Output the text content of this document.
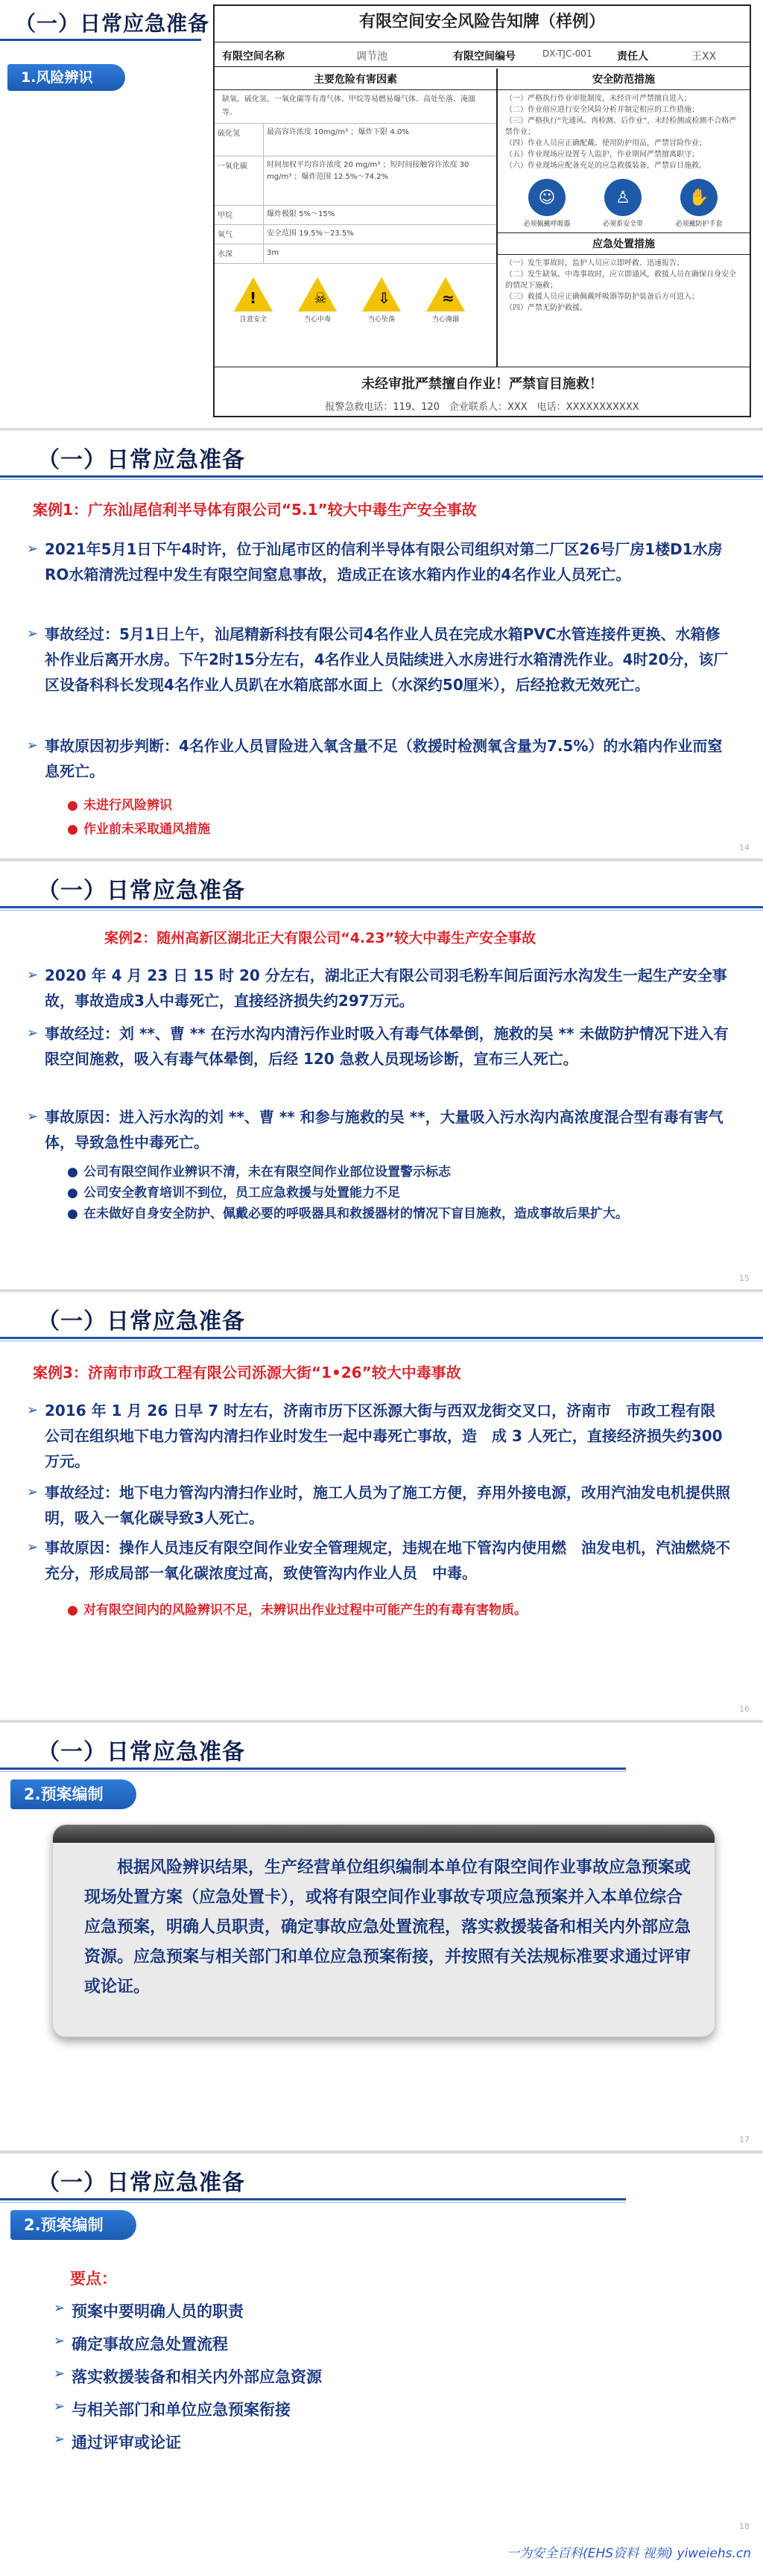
（一）日常应急准备
1.风险辨识
有限空间安全风险告知牌（样例）
有限空间名称	调节池	有限空间编号	DX-TJC-001 责任人	王XX
主要危险有害因素
缺氧、硫化氢、一氧化碳等有毒气体、甲烷等易燃易爆气体、高处坠落、淹溺等。
硫化氢	最高容许浓度 10mg/m³ ；爆炸下限 4.0%
一氧化碳	时间加权平均容许浓度 20 mg/m³ ；短时间接触容许浓度 30 mg/m³ ；爆炸范围 12.5%～74.2%
甲烷	爆炸极限 5%～15%
氧气	安全范围 19.5%～23.5%
水深	3m
!
注意安全
☠
当心中毒
⇩
当心坠落
≈
当心淹溺
安全防范措施
（一）严格执行作业审批制度，未经许可严禁擅自进入；
（二）作业前应进行安全风险分析并制定相应的工作措施；
（三）严格执行“先通风、再检测、后作业”，未经检测或检测不合格严禁作业；
（四）作业人员应正确配戴、使用防护用品，严禁冒险作业；
（五）作业现场应设置专人监护，作业期间严禁擅离职守；
（六）作业现场应配备充足的应急救援装备，严禁盲目施救。
☺
必须佩戴呼吸器
♙
必须系安全带
✋
必须戴防护手套
应急处置措施
（一）发生事故时，监护人员应立即呼救、迅速报告；
（二）发生缺氧、中毒事故时，应立即通风，救援人员在确保自身安全的情况下施救；
（三）救援人员应正确佩戴呼吸器等防护装备后方可进入；
（四）严禁无防护救援。
未经审批严禁擅自作业！严禁盲目施救！
报警急救电话：119、120　企业联系人：XXX　电话：XXXXXXXXXXX
（一）日常应急准备
案例1：广东汕尾信利半导体有限公司“5.1”较大中毒生产安全事故
➢ 2021年5月1日下午4时许，位于汕尾市区的信利半导体有限公司组织对第二厂区26号厂房1楼D1水房RO水箱清洗过程中发生有限空间窒息事故，造成正在该水箱内作业的4名作业人员死亡。
➢ 事故经过：5月1日上午，汕尾精新科技有限公司4名作业人员在完成水箱PVC水管连接件更换、水箱修补作业后离开水房。下午2时15分左右，4名作业人员陆续进入水房进行水箱清洗作业。4时20分，该厂区设备科科长发现4名作业人员趴在水箱底部水面上（水深约50厘米），后经抢救无效死亡。
➢ 事故原因初步判断：4名作业人员冒险进入氧含量不足（救援时检测氧含量为7.5%）的水箱内作业而窒息死亡。
● 未进行风险辨识
● 作业前未采取通风措施
14
（一）日常应急准备
案例2：随州高新区湖北正大有限公司“4.23”较大中毒生产安全事故
➢ 2020 年 4 月 23 日 15 时 20 分左右，湖北正大有限公司羽毛粉车间后面污水沟发生一起生产安全事故，事故造成3人中毒死亡，直接经济损失约297万元。
➢ 事故经过：刘 **、曹 ** 在污水沟内清污作业时吸入有毒气体晕倒，施救的吴 ** 未做防护情况下进入有限空间施救，吸入有毒气体晕倒，后经 120 急救人员现场诊断，宣布三人死亡。
➢ 事故原因：进入污水沟的刘 **、曹 ** 和参与施救的吴 **，大量吸入污水沟内高浓度混合型有毒有害气体，导致急性中毒死亡。
● 公司有限空间作业辨识不清，未在有限空间作业部位设置警示标志
● 公司安全教育培训不到位，员工应急救援与处置能力不足
● 在未做好自身安全防护、佩戴必要的呼吸器具和救援器材的情况下盲目施救，造成事故后果扩大。
15
（一）日常应急准备
案例3：济南市市政工程有限公司泺源大街“1•26”较大中毒事故
➢ 2016 年 1 月 26 日早 7 时左右，济南市历下区泺源大街与西双龙街交叉口，济南市　市政工程有限公司在组织地下电力管沟内清扫作业时发生一起中毒死亡事故，造　成 3 人死亡，直接经济损失约300万元。
➢ 事故经过：地下电力管沟内清扫作业时，施工人员为了施工方便，弃用外接电源，改用汽油发电机提供照明，吸入一氧化碳导致3人死亡。
➢ 事故原因：操作人员违反有限空间作业安全管理规定，违规在地下管沟内使用燃　油发电机，汽油燃烧不充分，形成局部一氧化碳浓度过高，致使管沟内作业人员　中毒。
● 对有限空间内的风险辨识不足，未辨识出作业过程中可能产生的有毒有害物质。
16
（一）日常应急准备
2.预案编制
根据风险辨识结果，生产经营单位组织编制本单位有限空间作业事故应急预案或现场处置方案（应急处置卡），或将有限空间作业事故专项应急预案并入本单位综合应急预案，明确人员职责，确定事故应急处置流程，落实救援装备和相关内外部应急资源。应急预案与相关部门和单位应急预案衔接，并按照有关法规标准要求通过评审或论证。
17
（一）日常应急准备
2.预案编制
要点：
➢ 预案中要明确人员的职责
➢ 确定事故应急处置流程
➢ 落实救援装备和相关内外部应急资源
➢ 与相关部门和单位应急预案衔接
➢ 通过评审或论证
18
一为安全百科(EHS资料 视频) yiweiehs.cn
